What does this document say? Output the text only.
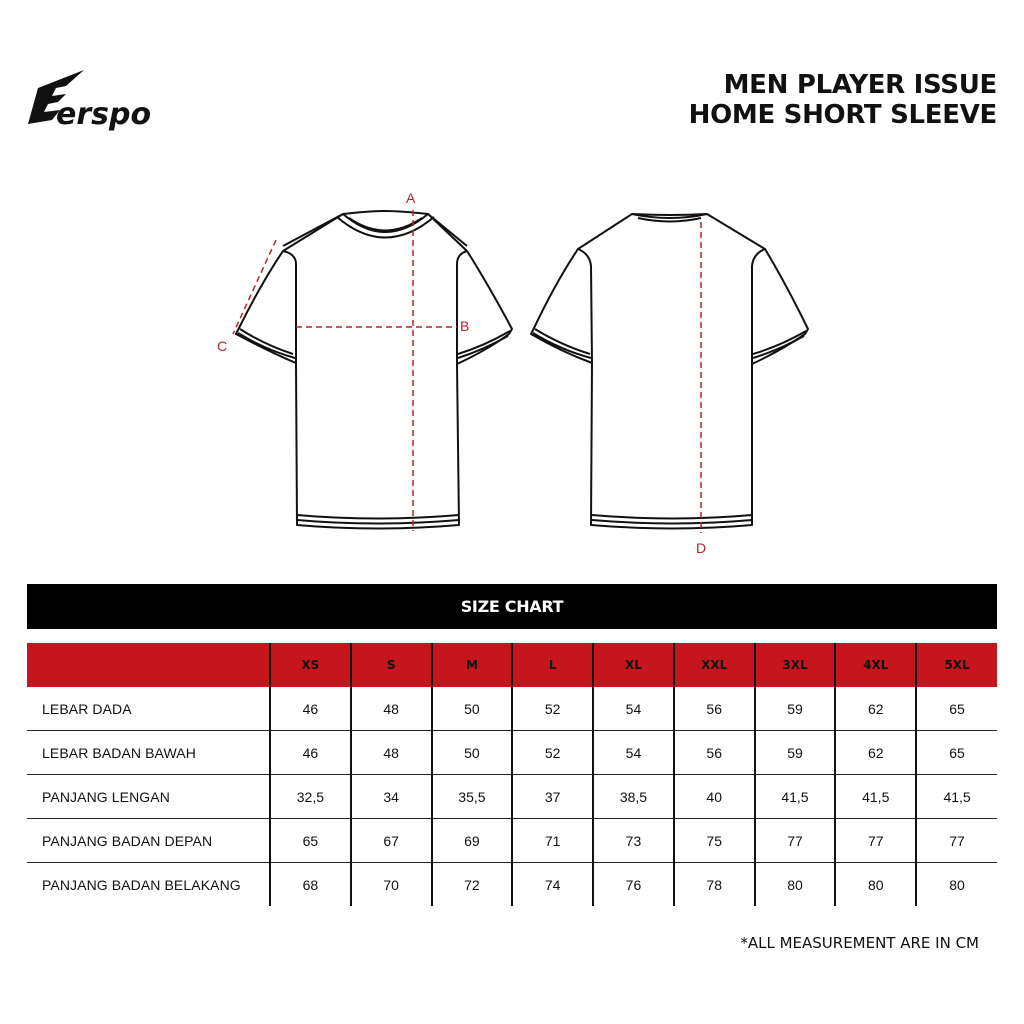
erspo
MEN PLAYER ISSUE
HOME SHORT SLEEVE
A
B
C
D
SIZE CHART
	XS	S	M	L	XL	XXL	3XL	4XL	5XL
LEBAR DADA	46	48	50	52	54	56	59	62	65
LEBAR BADAN BAWAH	46	48	50	52	54	56	59	62	65
PANJANG LENGAN	32,5	34	35,5	37	38,5	40	41,5	41,5	41,5
PANJANG BADAN DEPAN	65	67	69	71	73	75	77	77	77
PANJANG BADAN BELAKANG	68	70	72	74	76	78	80	80	80
*ALL MEASUREMENT ARE IN CM
